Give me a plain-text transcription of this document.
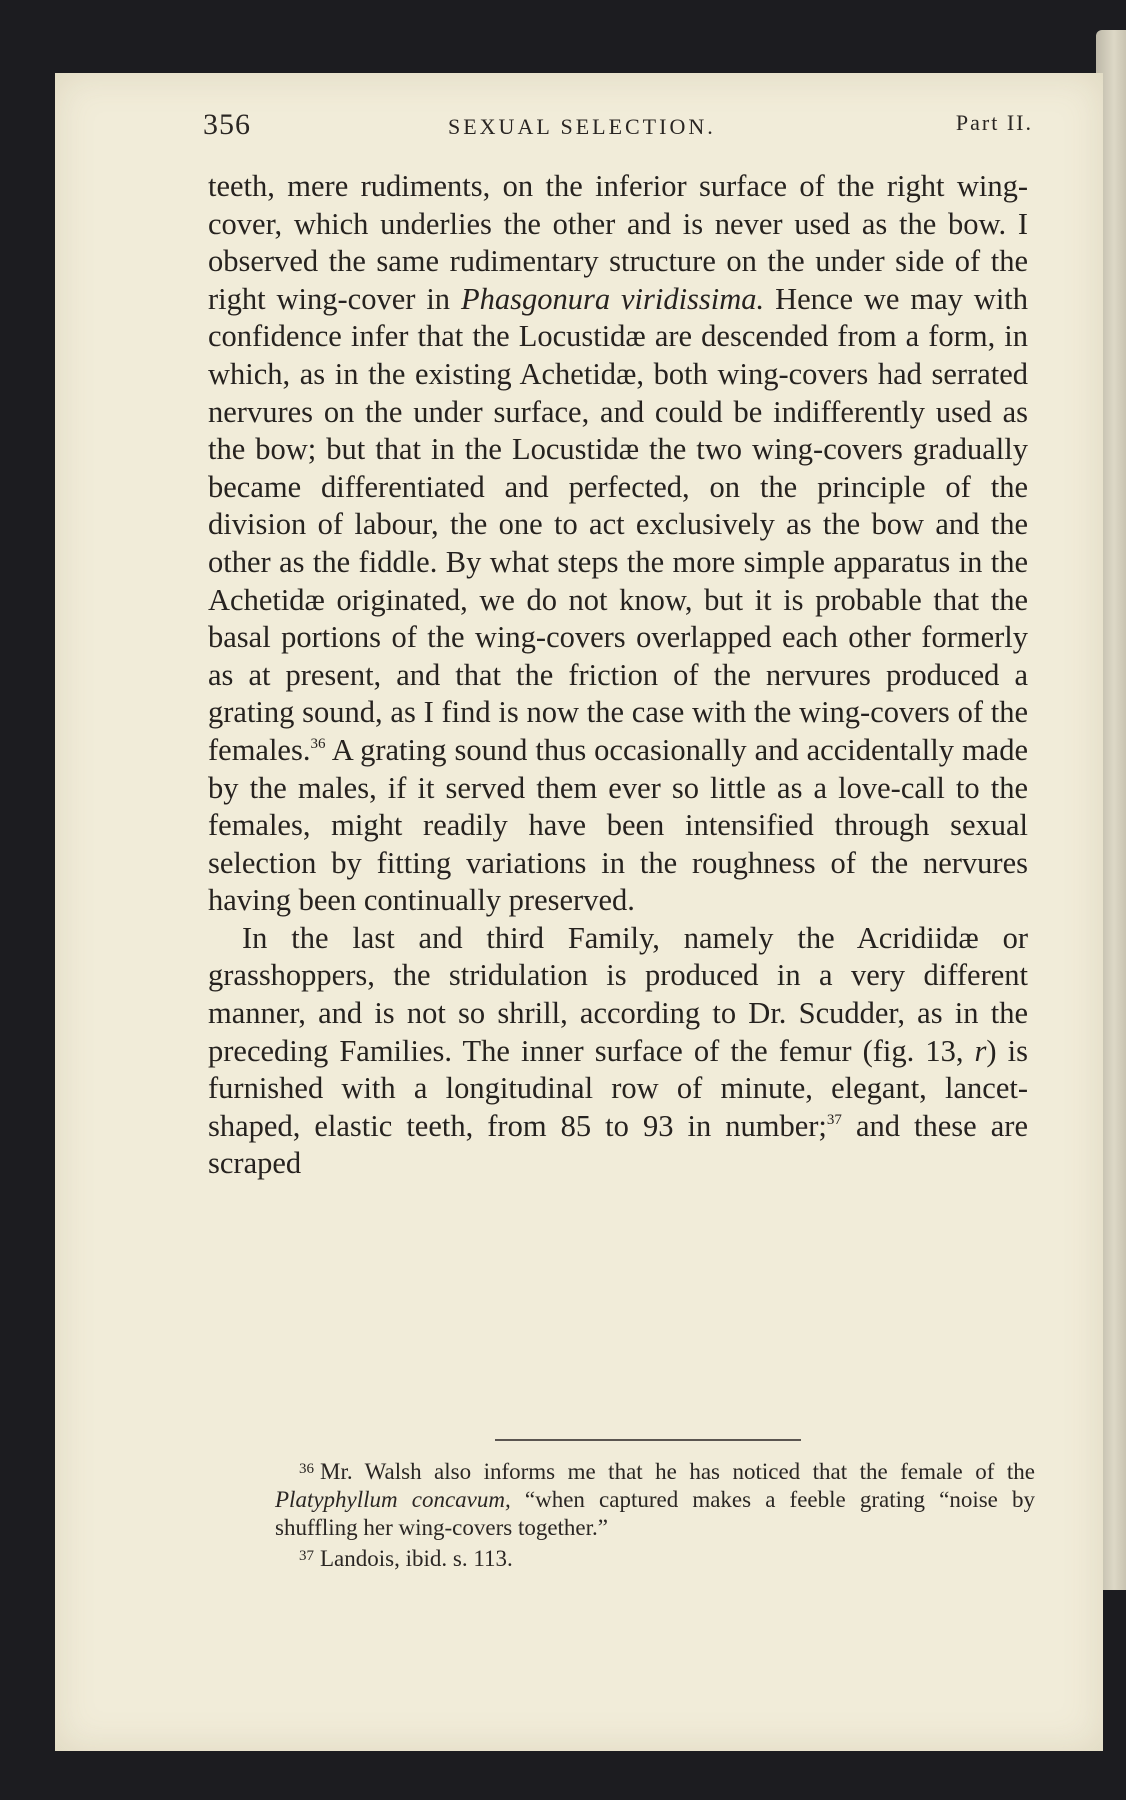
356	SEXUAL SELECTION.	Part II.

teeth, mere rudiments, on the inferior surface of the right wing-cover, which underlies the other and is never used as the bow. I observed the same rudimentary structure on the under side of the right wing-cover in Phasgonura viridissima. Hence we may with confidence infer that the Locustidæ are descended from a form, in which, as in the existing Achetidæ, both wing-covers had serrated nervures on the under surface, and could be indifferently used as the bow; but that in the Locustidæ the two wing-covers gradually became differentiated and perfected, on the principle of the division of labour, the one to act exclusively as the bow and the other as the fiddle. By what steps the more simple apparatus in the Achetidæ originated, we do not know, but it is probable that the basal portions of the wing-covers overlapped each other formerly as at present, and that the friction of the nervures produced a grating sound, as I find is now the case with the wing-covers of the females.$^{36}$ A grating sound thus occasionally and accidentally made by the males, if it served them ever so little as a love-call to the females, might readily have been intensified through sexual selection by fitting variations in the roughness of the nervures having been continually preserved.

In the last and third Family, namely the Acridiidæ or grasshoppers, the stridulation is produced in a very different manner, and is not so shrill, according to Dr. Scudder, as in the preceding Families. The inner surface of the femur (fig. 13, r) is furnished with a longitudinal row of minute, elegant, lancet-shaped, elastic teeth, from 85 to 93 in number;$^{37}$ and these are scraped

$^{36}$ Mr. Walsh also informs me that he has noticed that the female of the Platyphyllum concavum, “when captured makes a feeble grating “noise by shuffling her wing-covers together.”

$^{37}$ Landois, ibid. s. 113.
